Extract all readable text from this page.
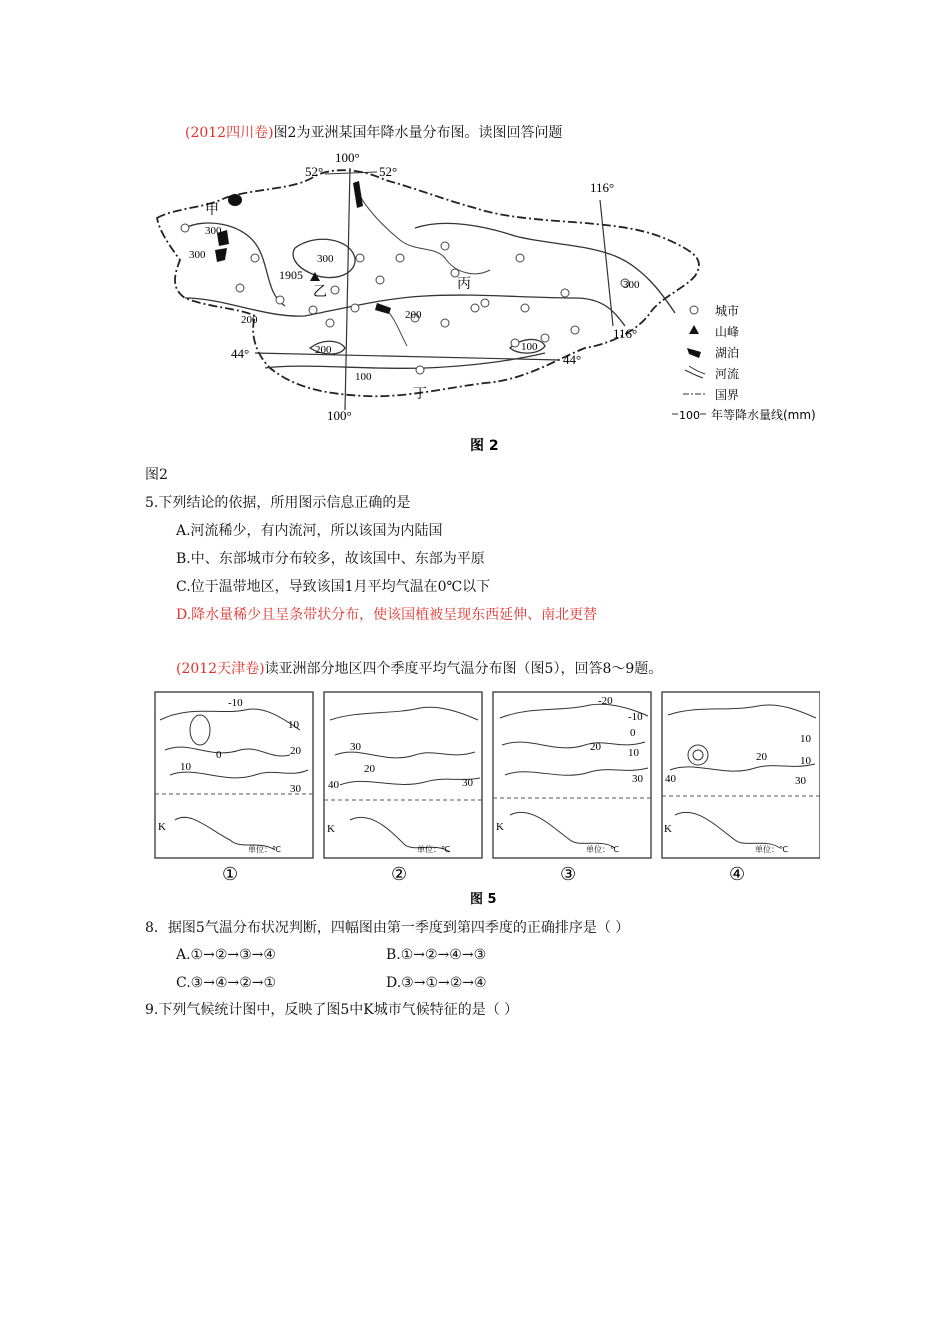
(2012四川卷)图2为亚洲某国年降水量分布图。读图回答问题
100°
52°	52°
116°
116°
44°	44°
100°
1905
甲
乙
丙
丁
300
300	300
200	200
200
100
100
300
图 2
城市
山峰
湖泊
河流
国界
100 年等降水量线(mm)
图2
5.下列结论的依据，所用图示信息正确的是
A.河流稀少，有内流河，所以该国为内陆国
B.中、东部城市分布较多，故该国中、东部为平原
C.位于温带地区，导致该国1月平均气温在0℃以下
D.降水量稀少且呈条带状分布，使该国植被呈现东西延伸、南北更替
(2012天津卷)读亚洲部分地区四个季度平均气温分布图（图5），回答8～9题。
-10
10
20
10
30
0
K
单位：℃
30
20
30
40
K
单位：℃
-20
-10
20 10
0
30
K
单位：℃
10
20
30
40
10
K
单位：℃
①	②	③	④
图 5
8．据图5气温分布状况判断，四幅图由第一季度到第四季度的正确排序是（ ）
A.①→②→③→④	B.①→②→④→③
C.③→④→②→①	D.③→①→②→④
9.下列气候统计图中，反映了图5中K城市气候特征的是（ ）
